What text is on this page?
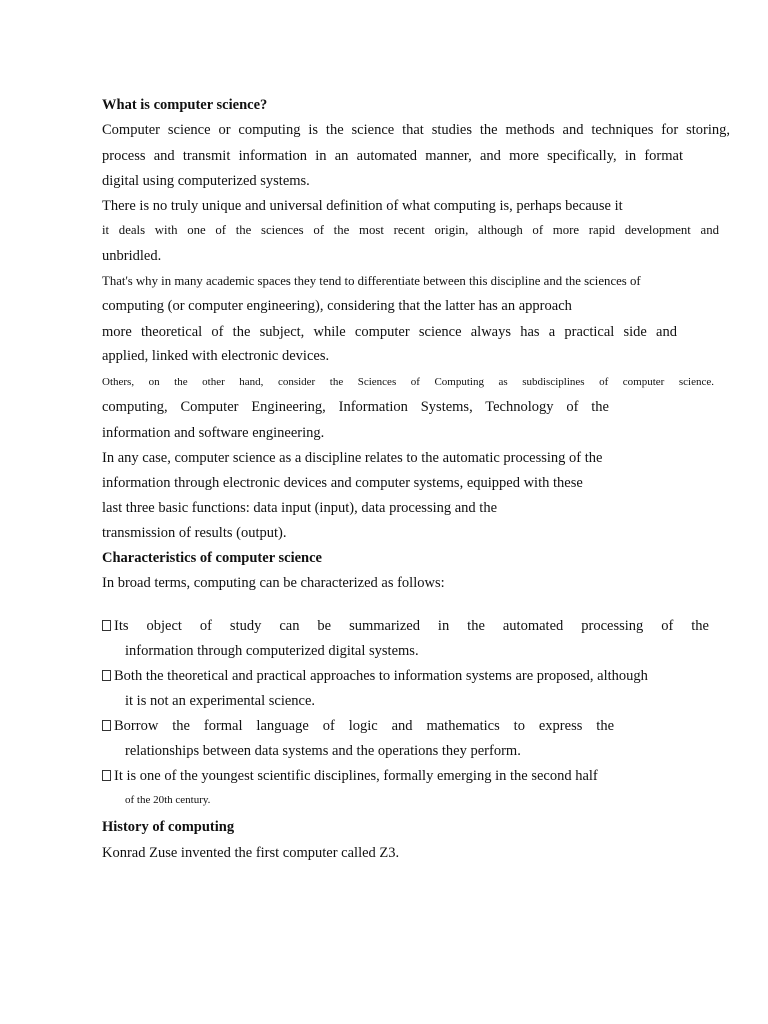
What is computer science?
Computer science or computing is the science that studies the methods and techniques for storing,
process and transmit information in an automated manner, and more specifically, in format
digital using computerized systems.
There is no truly unique and universal definition of what computing is, perhaps because it
it deals with one of the sciences of the most recent origin, although of more rapid development and
unbridled.
That's why in many academic spaces they tend to differentiate between this discipline and the sciences of
computing (or computer engineering), considering that the latter has an approach
more theoretical of the subject, while computer science always has a practical side and
applied, linked with electronic devices.
Others, on the other hand, consider the Sciences of Computing as subdisciplines of computer science.
computing, Computer Engineering, Information Systems, Technology of the
information and software engineering.
In any case, computer science as a discipline relates to the automatic processing of the
information through electronic devices and computer systems, equipped with these
last three basic functions: data input (input), data processing and the
transmission of results (output).
Characteristics of computer science
In broad terms, computing can be characterized as follows:
Its object of study can be summarized in the automated processing of the
information through computerized digital systems.
Both the theoretical and practical approaches to information systems are proposed, although
it is not an experimental science.
Borrow the formal language of logic and mathematics to express the
relationships between data systems and the operations they perform.
It is one of the youngest scientific disciplines, formally emerging in the second half
of the 20th century.
History of computing
Konrad Zuse invented the first computer called Z3.
